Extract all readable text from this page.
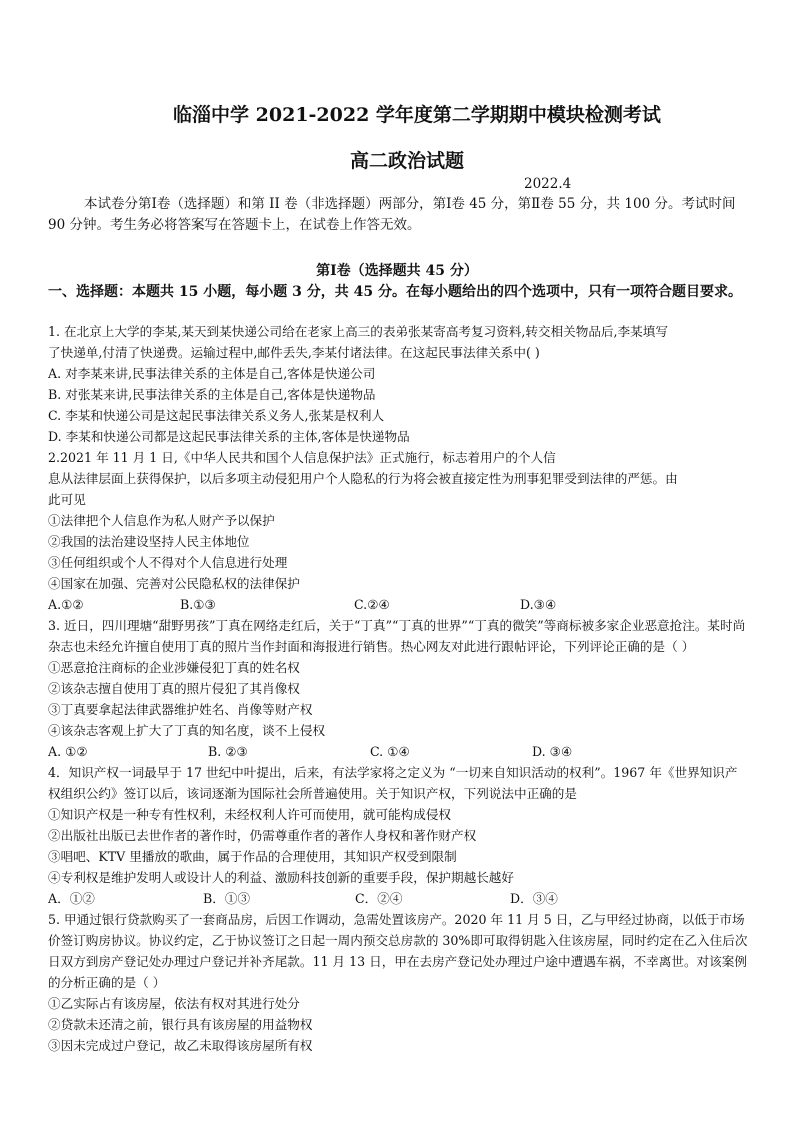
临淄中学 2021-2022 学年度第二学期期中模块检测考试
高二政治试题
2022.4
本试卷分第Ⅰ卷（选择题）和第 II 卷（非选择题）两部分，第Ⅰ卷 45 分，第Ⅱ卷 55 分，共 100 分。考试时间 90 分钟。考生务必将答案写在答题卡上，在试卷上作答无效。
第Ⅰ卷（选择题共 45 分）
一、选择题：本题共 15 小题，每小题 3 分，共 45 分。在每小题给出的四个选项中，只有一项符合题目要求。
1. 在北京上大学的李某,某天到某快递公司给在老家上高三的表弟张某寄高考复习资料,转交相关物品后,李某填写
了快递单,付清了快递费。运输过程中,邮件丢失,李某付诸法律。在这起民事法律关系中( )
A. 对李某来讲,民事法律关系的主体是自己,客体是快递公司
B. 对张某来讲,民事法律关系的主体是自己,客体是快递物品
C. 李某和快递公司是这起民事法律关系义务人,张某是权利人
D. 李某和快递公司都是这起民事法律关系的主体,客体是快递物品
2.2021 年 11 月 1 日,《中华人民共和国个人信息保护法》正式施行，标志着用户的个人信
息从法律层面上获得保护，以后多项主动侵犯用户个人隐私的行为将会被直接定性为刑事犯罪受到法律的严惩。由
此可见
①法律把个人信息作为私人财产予以保护
②我国的法治建设坚持人民主体地位
③任何组织或个人不得对个人信息进行处理
④国家在加强、完善对公民隐私权的法律保护
A.①②	B.①③	C.②④	D.③④
3. 近日，四川理塘“甜野男孩”丁真在网络走红后，关于“丁真”“丁真的世界”“丁真的微笑”等商标被多家企业恶意抢注。某时尚杂志也未经允许擅自使用丁真的照片当作封面和海报进行销售。热心网友对此进行跟帖评论，下列评论正确的是（ ）
①恶意抢注商标的企业涉嫌侵犯丁真的姓名权
②该杂志擅自使用丁真的照片侵犯了其肖像权
③丁真要拿起法律武器维护姓名、肖像等财产权
④该杂志客观上扩大了丁真的知名度，谈不上侵权
A. ①②	B. ②③	C. ①④	D. ③④
4．知识产权一词最早于 17 世纪中叶提出，后来，有法学家将之定义为 “一切来自知识活动的权利”。1967 年《世界知识产权组织公约》签订以后，该词逐渐为国际社会所普遍使用。关于知识产权，下列说法中正确的是
①知识产权是一种专有性权利，未经权利人许可而使用，就可能构成侵权
②出版社出版已去世作者的著作时，仍需尊重作者的著作人身权和著作财产权
③唱吧、KTV 里播放的歌曲，属于作品的合理使用，其知识产权受到限制
④专利权是维护发明人或设计人的利益、激励科技创新的重要手段，保护期越长越好
A．①②	B．①③	C．②④	D．③④
5. 甲通过银行贷款购买了一套商品房，后因工作调动，急需处置该房产。2020 年 11 月 5 日，乙与甲经过协商，以低于市场价签订购房协议。协议约定，乙于协议签订之日起一周内预交总房款的 30%即可取得钥匙入住该房屋，同时约定在乙入住后次日双方到房产登记处办理过户登记并补齐尾款。11 月 13 日，甲在去房产登记处办理过户途中遭遇车祸，不幸离世。对该案例的分析正确的是（ ）
①乙实际占有该房屋，依法有权对其进行处分
②贷款未还清之前，银行具有该房屋的用益物权
③因未完成过户登记，故乙未取得该房屋所有权
